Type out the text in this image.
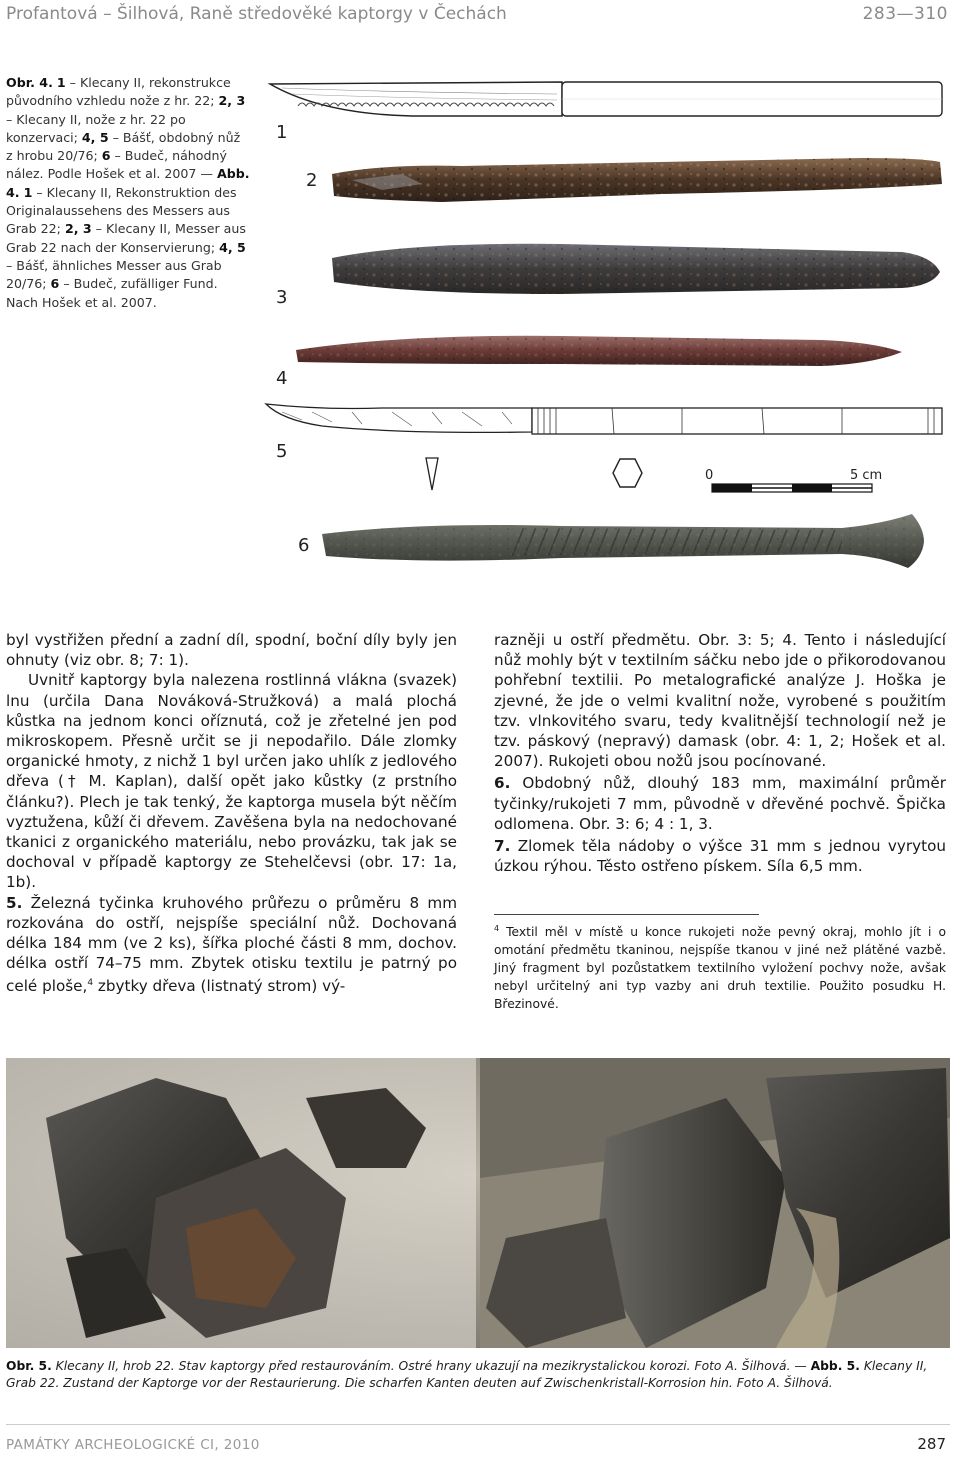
Profantová – Šilhová, Raně středověké kaptorgy v Čechách	283—310
Obr. 4. 1 – Klecany II, rekonstrukce původního vzhledu nože z hr. 22; 2, 3 – Klecany II, nože z hr. 22 po konzervaci; 4, 5 – Bášť, obdobný nůž z hrobu 20/76; 6 – Budeč, náhodný nález. Podle Hošek et al. 2007 — Abb. 4. 1 – Klecany II, Rekonstruktion des Originalaussehens des Messers aus Grab 22; 2, 3 – Klecany II, Messer aus Grab 22 nach der Konservierung; 4, 5 – Bášť, ähnliches Messer aus Grab 20/76; 6 – Budeč, zufälliger Fund. Nach Hošek et al. 2007.
1
2
3
4
5
6
0	5 cm

byl vystřižen přední a zadní díl, spodní, boční díly byly jen ohnuty (viz obr. 8; 7: 1).

Uvnitř kaptorgy byla nalezena rostlinná vlákna (svazek) lnu (určila Dana Nováková-Stružková) a malá plochá kůstka na jednom konci oříznutá, což je zřetelné jen pod mikroskopem. Přesně určit se ji nepodařilo. Dále zlomky organické hmoty, z nichž 1 byl určen jako uhlík z jedlového dřeva († M. Kaplan), další opět jako kůstky (z prstního článku?). Plech je tak tenký, že kaptorga musela být něčím vyztužena, kůží či dřevem. Zavěšena byla na nedochované tkanici z organického materiálu, nebo provázku, tak jak se dochoval v případě kaptorgy ze Stehelčevsi (obr. 17: 1a, 1b).

5. Železná tyčinka kruhového průřezu o průměru 8 mm rozkována do ostří, nejspíše speciální nůž. Dochovaná délka 184 mm (ve 2 ks), šířka ploché části 8 mm, dochov. délka ostří 74–75 mm. Zbytek otisku textilu je patrný po celé ploše,$^4$ zbytky dřeva (listnatý strom) vý-

razněji u ostří předmětu. Obr. 3: 5; 4. Tento i následující nůž mohly být v textilním sáčku nebo jde o přikorodovanou pohřební textilii. Po metalografické analýze J. Hoška je zjevné, že jde o velmi kvalitní nože, vyrobené s použitím tzv. vlnkovitého svaru, tedy kvalitnější technologií než je tzv. páskový (nepravý) damask (obr. 4: 1, 2; Hošek et al. 2007). Rukojeti obou nožů jsou pocínované.

6. Obdobný nůž, dlouhý 183 mm, maximální průměr tyčinky/rukojeti 7 mm, původně v dřevěné pochvě. Špička odlomena. Obr. 3: 6; 4 : 1, 3.

7. Zlomek těla nádoby o výšce 31 mm s jednou vyrytou úzkou rýhou. Těsto ostřeno pískem. Síla 6,5 mm.

$^4$ Textil měl v místě u konce rukojeti nože pevný okraj, mohlo jít i o omotání předmětu tkaninou, nejspíše tkanou v jiné než plátěné vazbě. Jiný fragment byl pozůstatkem textilního vyložení pochvy nože, avšak nebyl určitelný ani typ vazby ani druh textilie. Použito posudku H. Březinové.
Obr. 5. Klecany II, hrob 22. Stav kaptorgy před restaurováním. Ostré hrany ukazují na mezikrystalickou korozi. Foto A. Šilhová. — Abb. 5. Klecany II, Grab 22. Zustand der Kaptorge vor der Restaurierung. Die scharfen Kanten deuten auf Zwischenkristall-Korrosion hin. Foto A. Šilhová.
PAMÁTKY ARCHEOLOGICKÉ CI, 2010	287
